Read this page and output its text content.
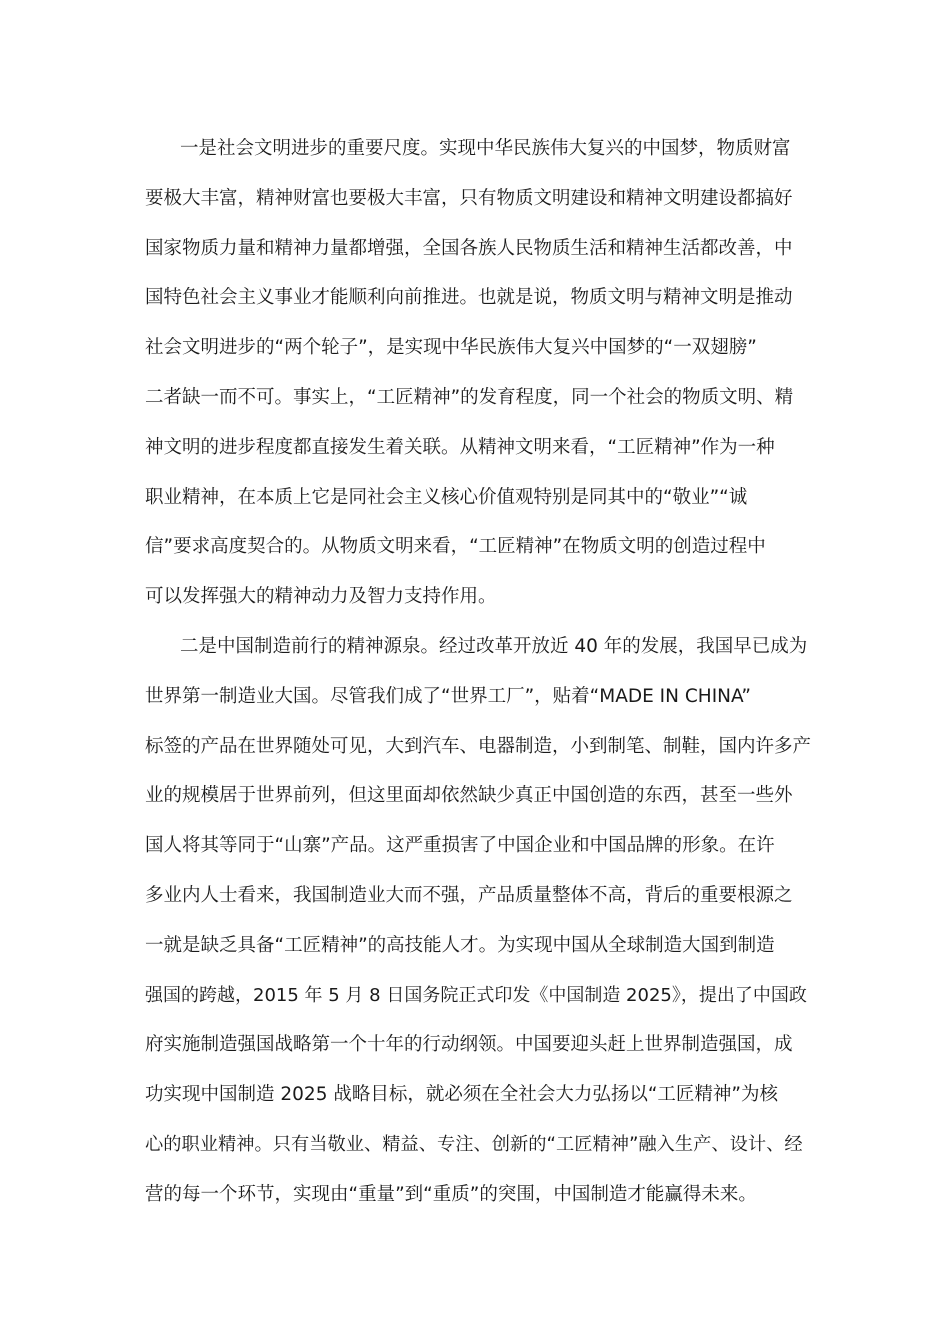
一是社会文明进步的重要尺度。实现中华民族伟大复兴的中国梦，物质财富
要极大丰富，精神财富也要极大丰富，只有物质文明建设和精神文明建设都搞好
国家物质力量和精神力量都增强，全国各族人民物质生活和精神生活都改善，中
国特色社会主义事业才能顺利向前推进。也就是说，物质文明与精神文明是推动
社会文明进步的“两个轮子”，是实现中华民族伟大复兴中国梦的“一双翅膀”
二者缺一而不可。事实上，“工匠精神”的发育程度，同一个社会的物质文明、精
神文明的进步程度都直接发生着关联。从精神文明来看，“工匠精神”作为一种
职业精神，在本质上它是同社会主义核心价值观特别是同其中的“敬业”“诚
信”要求高度契合的。从物质文明来看，“工匠精神”在物质文明的创造过程中
可以发挥强大的精神动力及智力支持作用。
二是中国制造前行的精神源泉。经过改革开放近 40 年的发展，我国早已成为
世界第一制造业大国。尽管我们成了“世界工厂”，贴着“MADE IN CHINA”
标签的产品在世界随处可见，大到汽车、电器制造，小到制笔、制鞋，国内许多产
业的规模居于世界前列，但这里面却依然缺少真正中国创造的东西，甚至一些外
国人将其等同于“山寨”产品。这严重损害了中国企业和中国品牌的形象。在许
多业内人士看来，我国制造业大而不强，产品质量整体不高，背后的重要根源之
一就是缺乏具备“工匠精神”的高技能人才。为实现中国从全球制造大国到制造
强国的跨越，2015 年 5 月 8 日国务院正式印发《中国制造 2025》，提出了中国政
府实施制造强国战略第一个十年的行动纲领。中国要迎头赶上世界制造强国，成
功实现中国制造 2025 战略目标，就必须在全社会大力弘扬以“工匠精神”为核
心的职业精神。只有当敬业、精益、专注、创新的“工匠精神”融入生产、设计、经
营的每一个环节，实现由“重量”到“重质”的突围，中国制造才能赢得未来。
